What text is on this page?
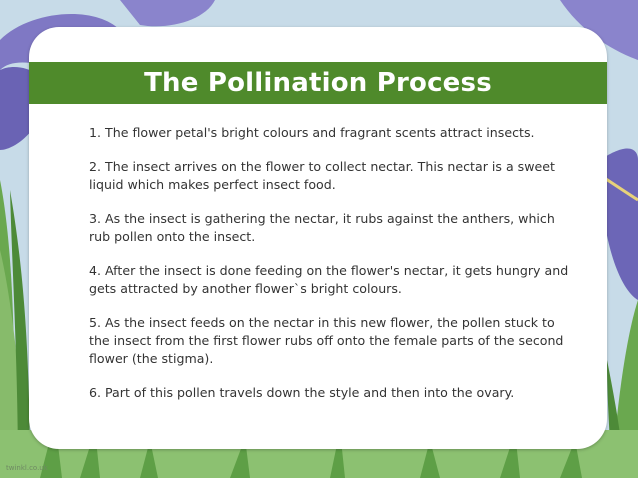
The Pollination Process

1. The flower petal's bright colours and fragrant scents attract insects.

2. The insect arrives on the flower to collect nectar. This nectar is a sweet liquid which makes perfect insect food.

3. As the insect is gathering the nectar, it rubs against the anthers, which rub pollen onto the insect.

4. After the insect is done feeding on the flower's nectar, it gets hungry and gets attracted by another flower`s bright colours.

5. As the insect feeds on the nectar in this new flower, the pollen stuck to the insect from the first flower rubs off onto the female parts of the second flower (the stigma).

6. Part of this pollen travels down the style and then into the ovary.

twinkl.co.uk
